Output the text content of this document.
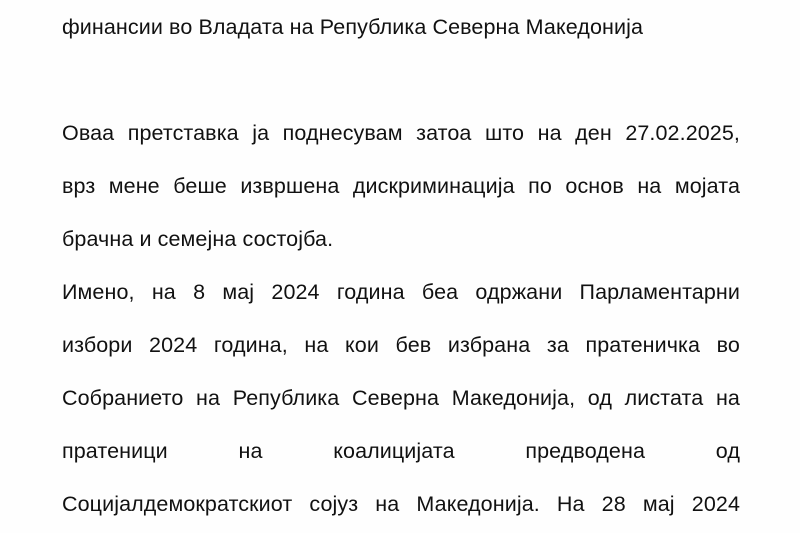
финансии во Владата на Република Северна Македонија
Оваа претставка ја поднесувам затоа што на ден 27.02.2025,
врз мене беше извршена дискриминација по основ на мојата
брачна и семејна состојба.
Имено, на 8 мај 2024 година беа одржани Парламентарни
избори 2024 година, на кои бев избрана за пратеничка во
Собранието на Република Северна Македонија, од листата на
пратеници на коалицијата предводена од
Социјалдемократскиот сојуз на Македонија. На 28 мај 2024
